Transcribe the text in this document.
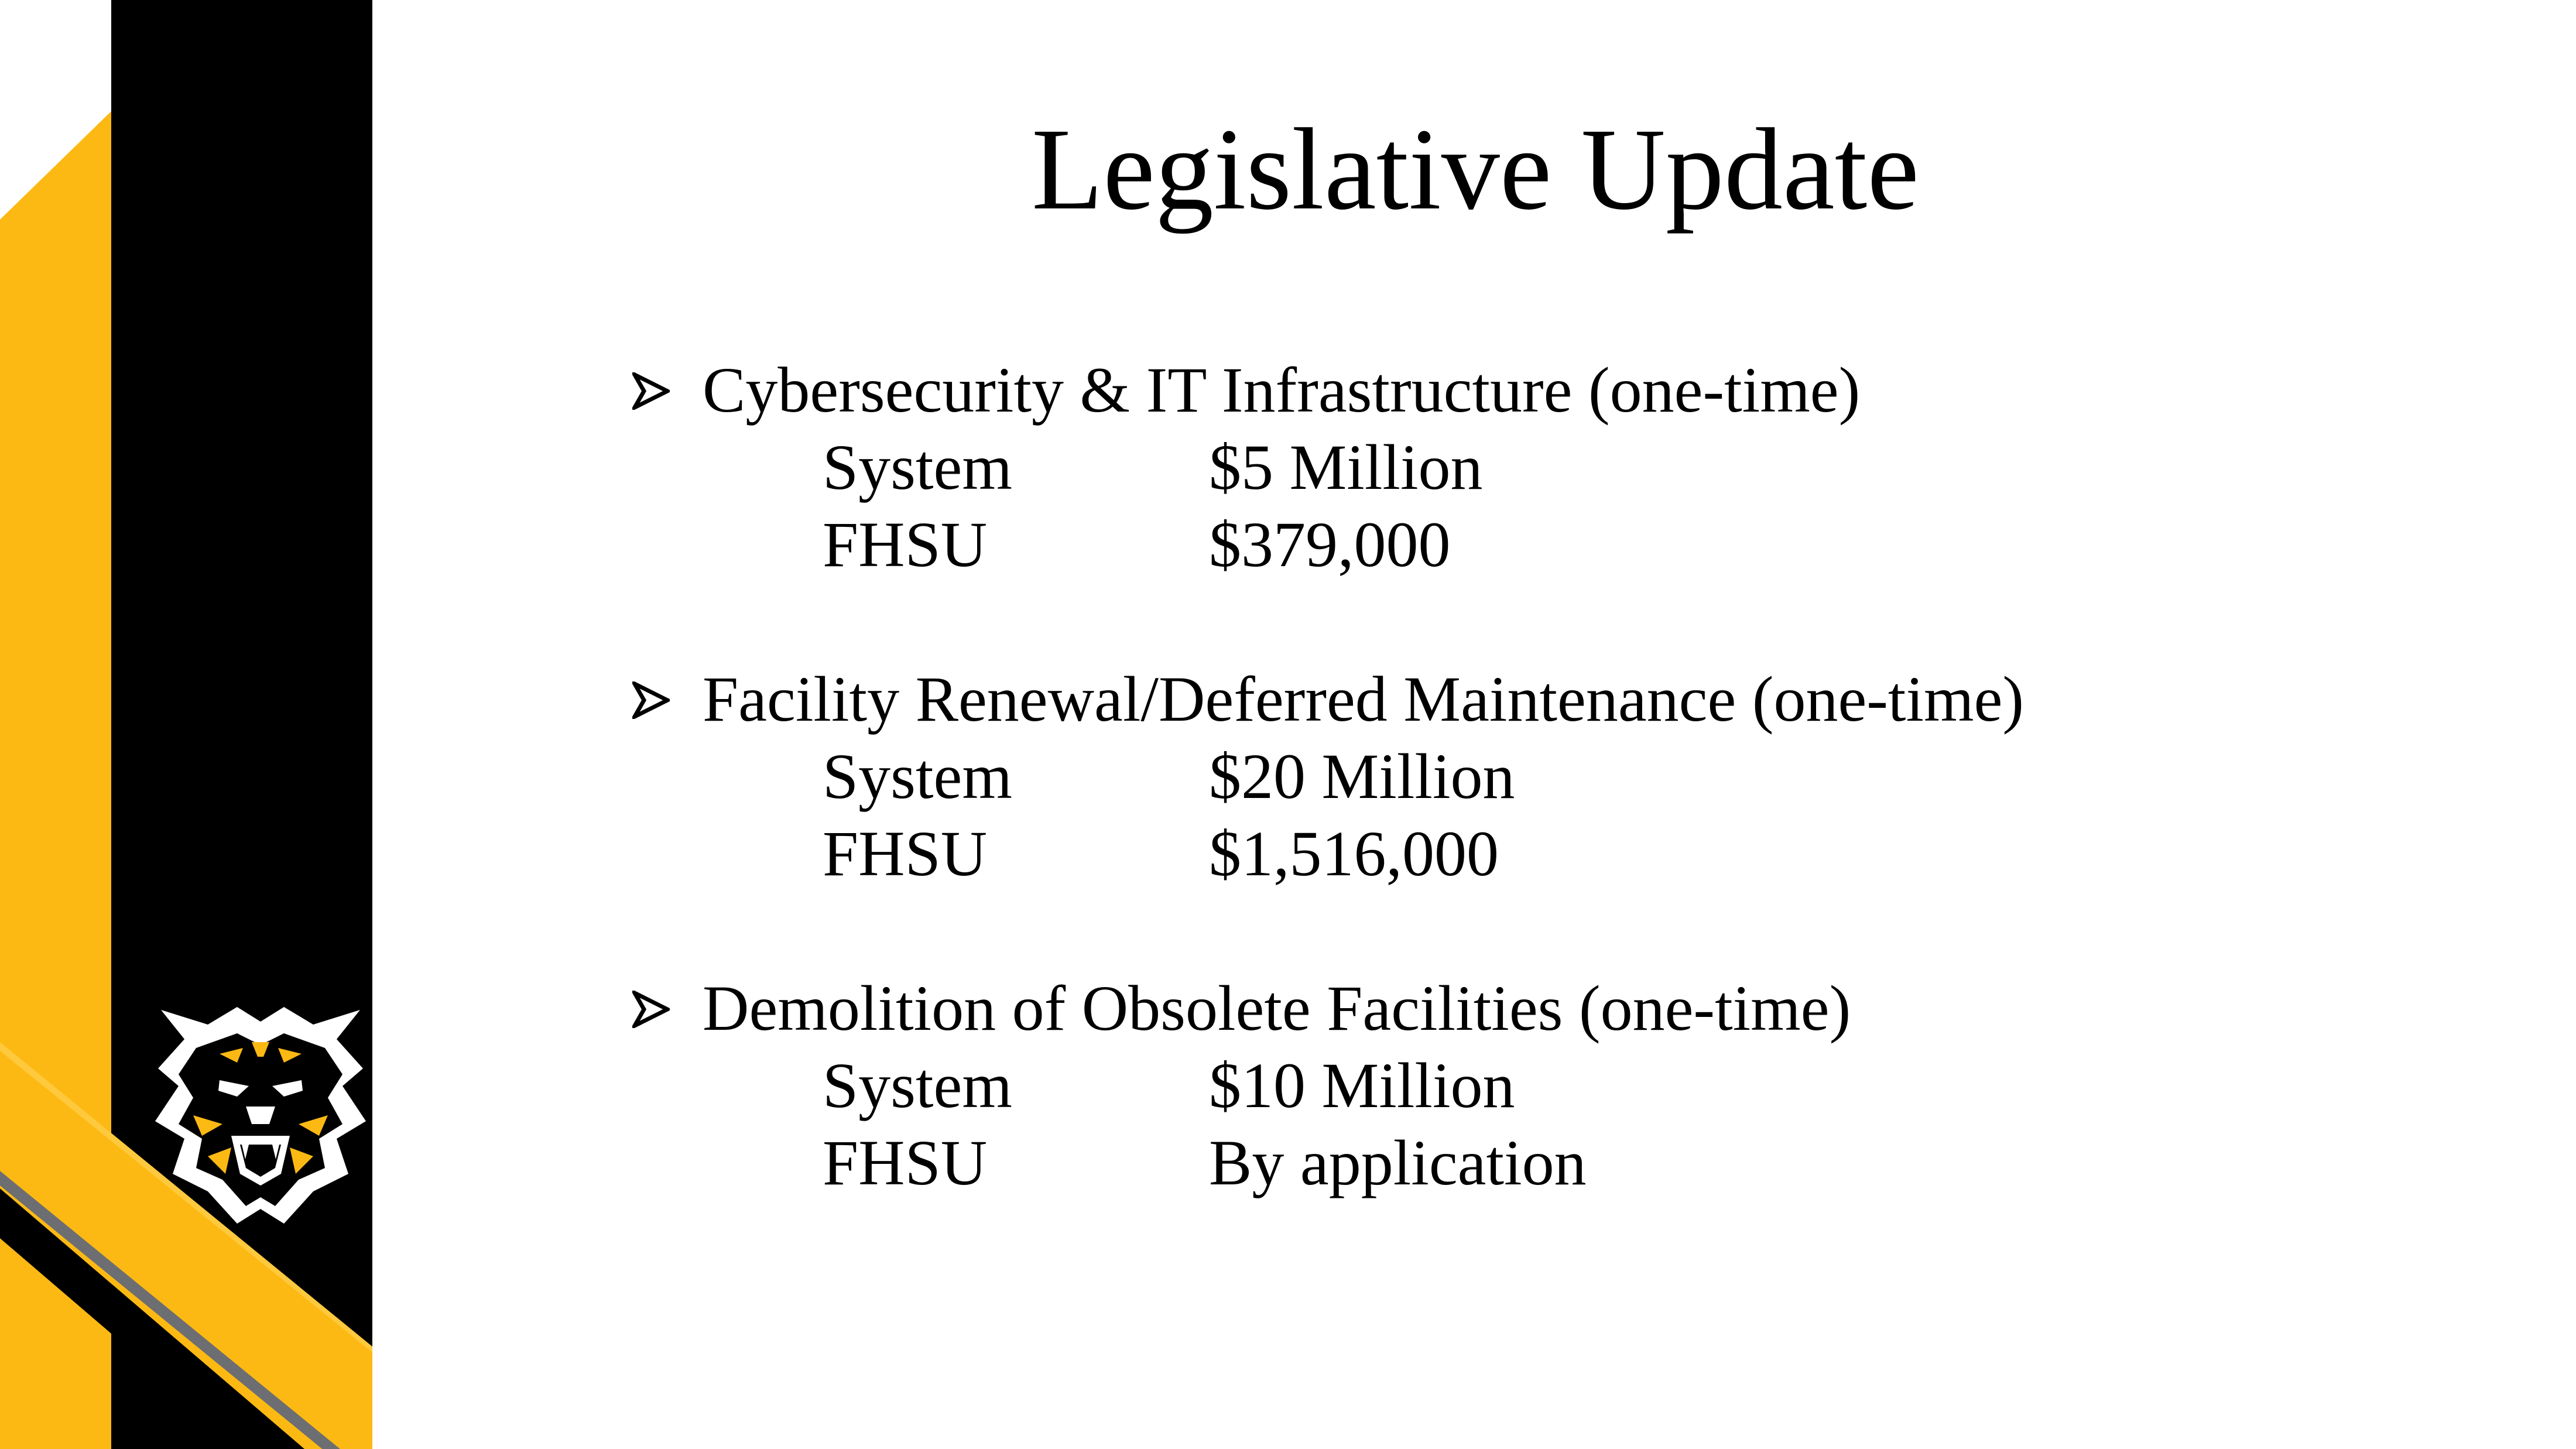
Legislative Update
Cybersecurity & IT Infrastructure (one-time)
System	$5 Million
FHSU	$379,000
Facility Renewal/Deferred Maintenance (one-time)
System	$20 Million
FHSU	$1,516,000
Demolition of Obsolete Facilities (one-time)
System	$10 Million
FHSU	By application
